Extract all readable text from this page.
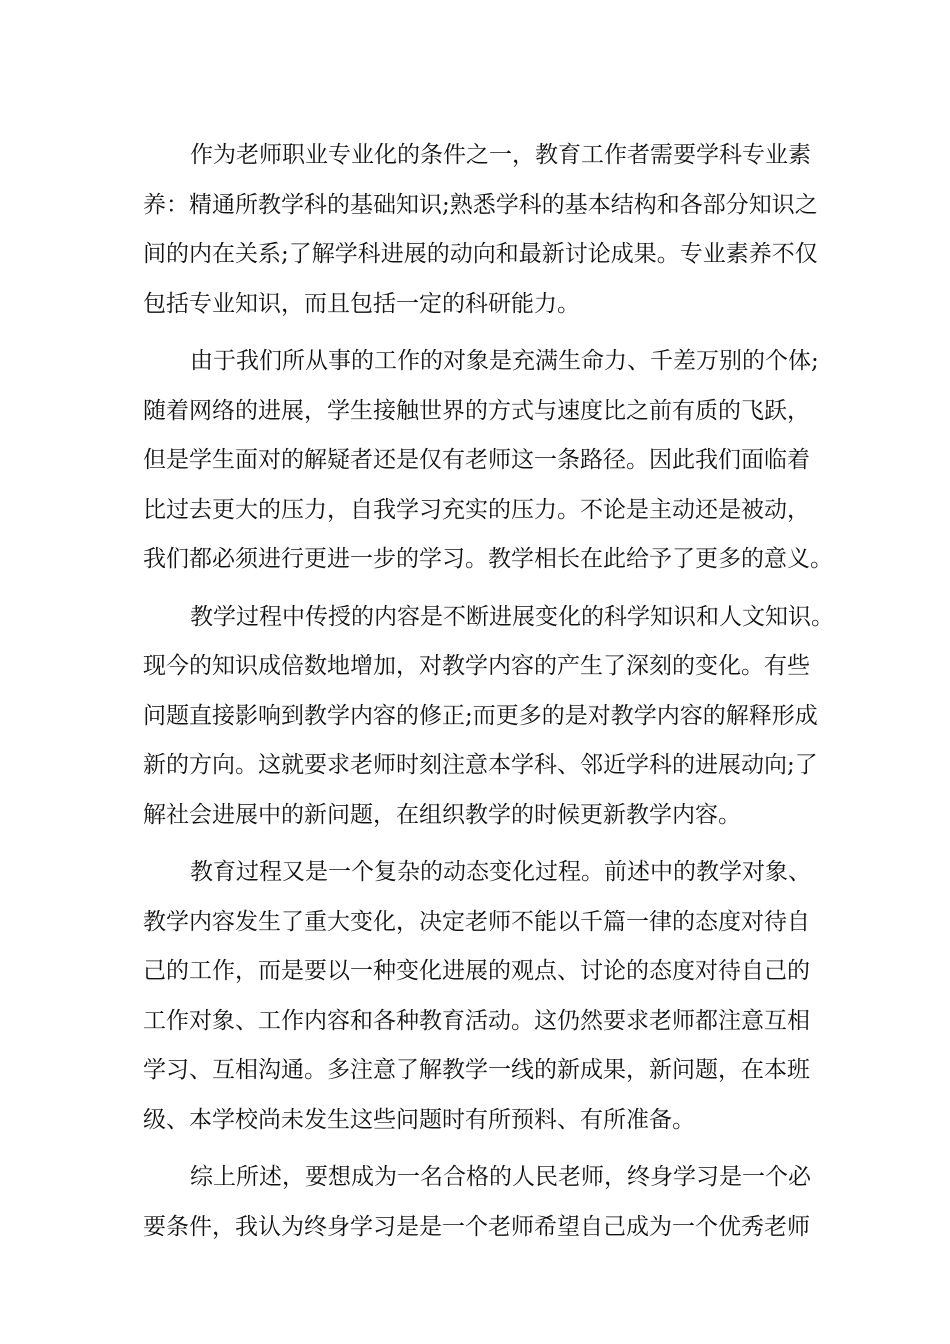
作为老师职业专业化的条件之一，教育工作者需要学科专业素
养：精通所教学科的基础知识;熟悉学科的基本结构和各部分知识之
间的内在关系;了解学科进展的动向和最新讨论成果。专业素养不仅
包括专业知识，而且包括一定的科研能力。
由于我们所从事的工作的对象是充满生命力、千差万别的个体;
随着网络的进展，学生接触世界的方式与速度比之前有质的飞跃，
但是学生面对的解疑者还是仅有老师这一条路径。因此我们面临着
比过去更大的压力，自我学习充实的压力。不论是主动还是被动，
我们都必须进行更进一步的学习。教学相长在此给予了更多的意义。
教学过程中传授的内容是不断进展变化的科学知识和人文知识。
现今的知识成倍数地增加，对教学内容的产生了深刻的变化。有些
问题直接影响到教学内容的修正;而更多的是对教学内容的解释形成
新的方向。这就要求老师时刻注意本学科、邻近学科的进展动向;了
解社会进展中的新问题，在组织教学的时候更新教学内容。
教育过程又是一个复杂的动态变化过程。前述中的教学对象、
教学内容发生了重大变化，决定老师不能以千篇一律的态度对待自
己的工作，而是要以一种变化进展的观点、讨论的态度对待自己的
工作对象、工作内容和各种教育活动。这仍然要求老师都注意互相
学习、互相沟通。多注意了解教学一线的新成果，新问题，在本班
级、本学校尚未发生这些问题时有所预料、有所准备。
综上所述，要想成为一名合格的人民老师，终身学习是一个必
要条件，我认为终身学习是是一个老师希望自己成为一个优秀老师
